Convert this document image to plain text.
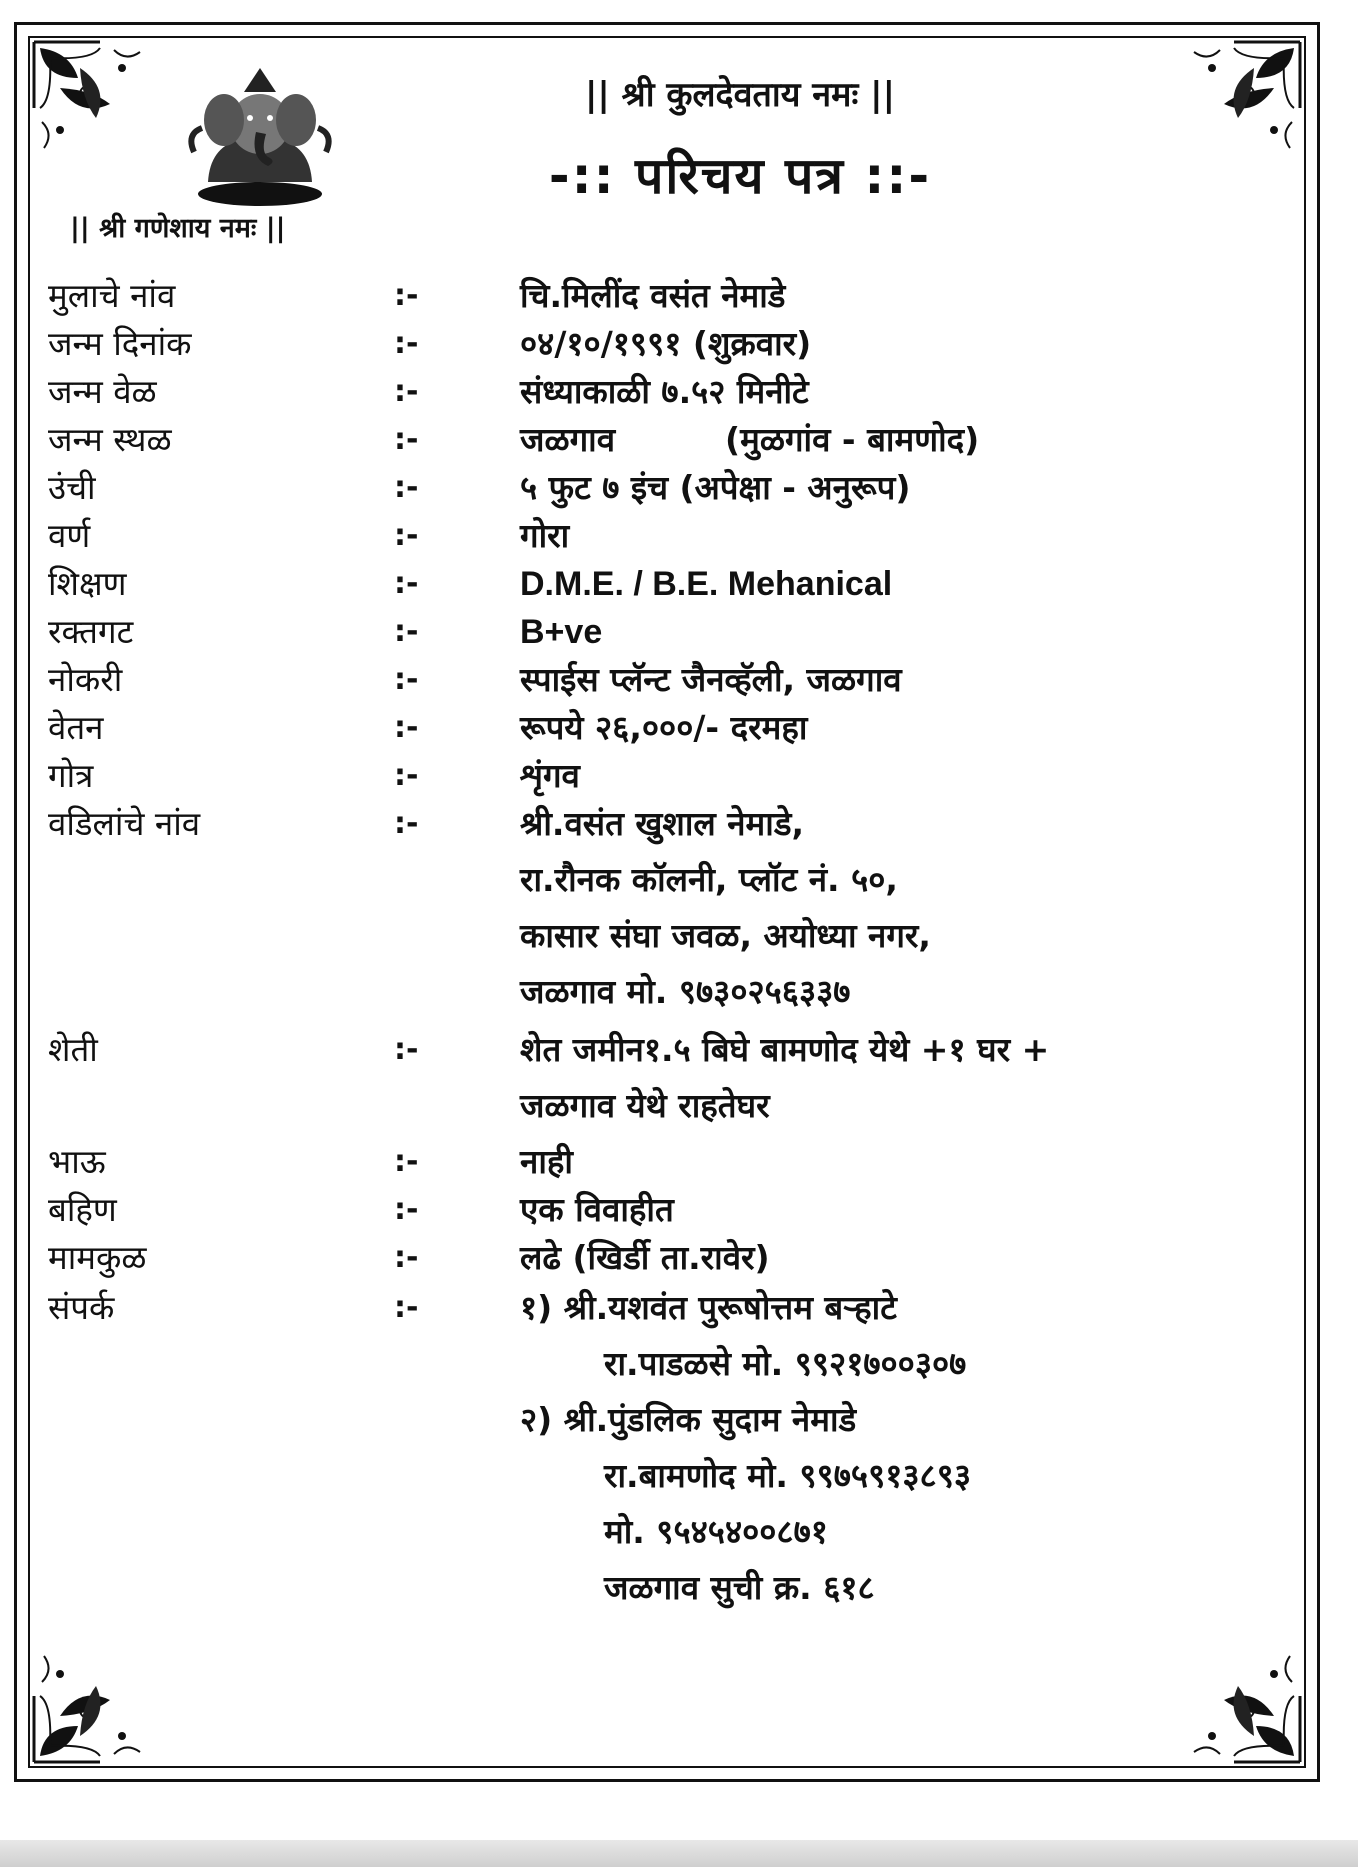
|| श्री कुलदेवताय नमः ||
-:: परिचय पत्र ::-
|| श्री गणेशाय नमः ||
मुलाचे नांव	:-	चि.मिलींद वसंत नेमाडे
जन्म दिनांक	:-	०४/१०/१९९१ (शुक्रवार)
जन्म वेळ	:-	संध्याकाळी ७.५२ मिनीटे
जन्म स्थळ	:-	जळगाव	(मुळगांव - बामणोद)
उंची	:-	५ फुट ७ इंच (अपेक्षा - अनुरूप)
वर्ण	:-	गोरा
शिक्षण	:-	D.M.E. / B.E. Mehanical
रक्तगट	:-	B+ve
नोकरी	:-	स्पाईस प्लॅन्ट जैनव्हॅली, जळगाव
वेतन	:-	रूपये २६,०००/- दरमहा
गोत्र	:-	शृंगव
वडिलांचे नांव	:-	श्री.वसंत खुशाल नेमाडे,
रा.रौनक कॉलनी, प्लॉट नं. ५०,
कासार संघा जवळ, अयोध्या नगर,
जळगाव मो. ९७३०२५६३३७
शेती	:-	शेत जमीन१.५ बिघे बामणोद येथे +१ घर +
जळगाव येथे राहतेघर
भाऊ	:-	नाही
बहिण	:-	एक विवाहीत
मामकुळ	:-	लढे (खिर्डी ता.रावेर)
संपर्क	:-	१) श्री.यशवंत पुरूषोत्तम बऱ्हाटे
रा.पाडळसे मो. ९९२१७००३०७
२) श्री.पुंडलिक सुदाम नेमाडे
रा.बामणोद मो. ९९७५९१३८९३
मो. ९५४५४००८७१
जळगाव सुची क्र. ६१८
